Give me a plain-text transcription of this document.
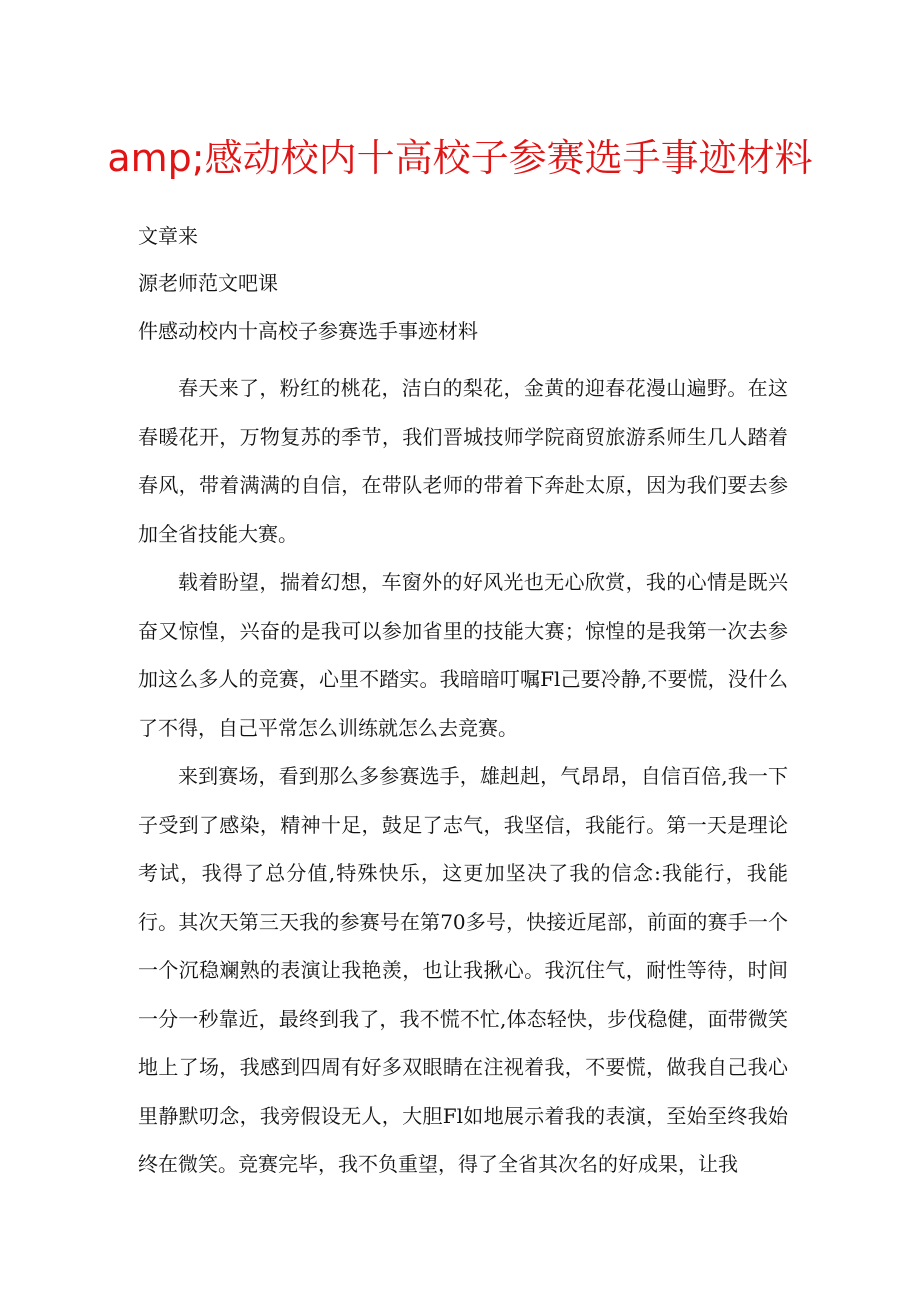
amp;感动校内十高校子参赛选手事迹材料
文章来
源老师范文吧课
件感动校内十高校子参赛选手事迹材料

春天来了，粉红的桃花，洁白的梨花，金黄的迎春花漫山遍野。在这春暖花开，万物复苏的季节，我们晋城技师学院商贸旅游系师生几人踏着春风，带着满满的自信，在带队老师的带着下奔赴太原，因为我们要去参加全省技能大赛。

载着盼望，揣着幻想，车窗外的好风光也无心欣赏，我的心情是既兴奋又惊惶，兴奋的是我可以参加省里的技能大赛；惊惶的是我第一次去参加这么多人的竞赛，心里不踏实。我暗暗叮嘱Fl己要冷静,不要慌，没什么了不得，自己平常怎么训练就怎么去竞赛。

来到赛场，看到那么多参赛选手，雄赳赳，气昂昂，自信百倍,我一下子受到了感染，精神十足，鼓足了志气，我坚信，我能行。第一天是理论考试，我得了总分值,特殊快乐，这更加坚决了我的信念:我能行，我能行。其次天第三天我的参赛号在第70多号，快接近尾部，前面的赛手一个一个沉稳斓熟的表演让我艳羡，也让我揪心。我沉住气，耐性等待，时间一分一秒靠近，最终到我了，我不慌不忙,体态轻快，步伐稳健，面带微笑地上了场，我感到四周有好多双眼睛在注视着我，不要慌，做我自己我心里静默叨念，我旁假设无人，大胆Fl如地展示着我的表演，至始至终我始终在微笑。竞赛完毕，我不负重望，得了全省其次名的好成果，让我
